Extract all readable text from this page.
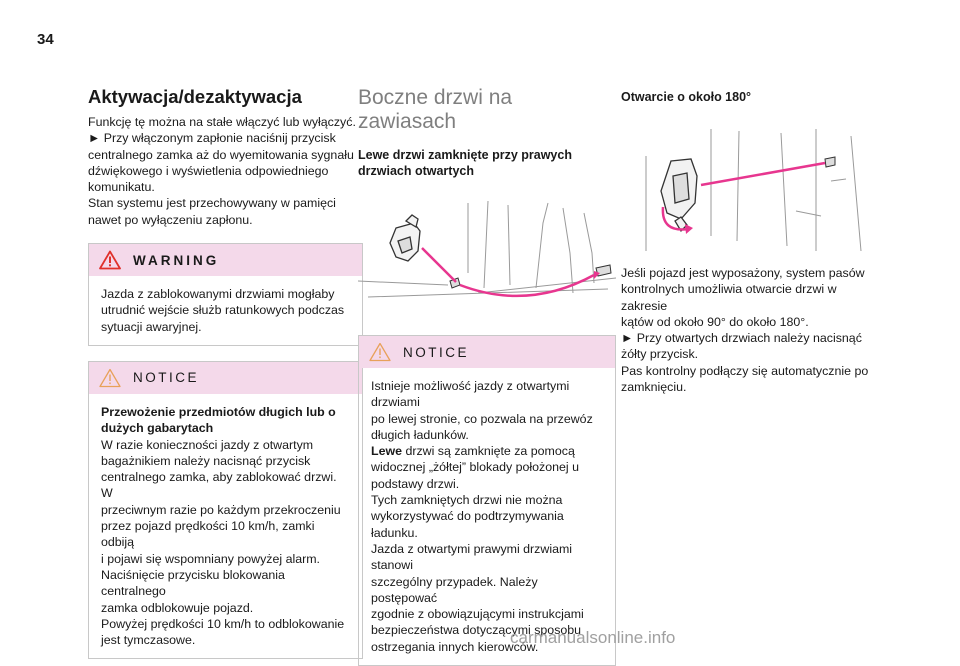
34
Aktywacja/dezaktywacja

Funkcję tę można na stałe włączyć lub wyłączyć.

► Przy włączonym zapłonie naciśnij przycisk

centralnego zamka aż do wyemitowania sygnału

dźwiękowego i wyświetlenia odpowiedniego

komunikatu.

Stan systemu jest przechowywany w pamięci

nawet po wyłączeniu zapłonu.

WARNING

Jazda z zablokowanymi drzwiami mogłaby

utrudnić wejście służb ratunkowych podczas

sytuacji awaryjnej.

NOTICE

Przewożenie przedmiotów długich lub o

dużych gabarytach

W razie konieczności jazdy z otwartym

bagażnikiem należy nacisnąć przycisk

centralnego zamka, aby zablokować drzwi. W

przeciwnym razie po każdym przekroczeniu

przez pojazd prędkości 10 km/h, zamki odbiją

i pojawi się wspomniany powyżej alarm.

Naciśnięcie przycisku blokowania centralnego

zamka odblokowuje pojazd.

Powyżej prędkości 10 km/h to odblokowanie

jest tymczasowe.

Boczne drzwi na
zawiasach
Lewe drzwi zamknięte przy prawych
drzwiach otwartych
NOTICE

Istnieje możliwość jazdy z otwartymi drzwiami

po lewej stronie, co pozwala na przewóz

długich ładunków.

Lewe drzwi są zamknięte za pomocą

widocznej „żółtej” blokady położonej u

podstawy drzwi.

Tych zamkniętych drzwi nie można

wykorzystywać do podtrzymywania ładunku.

Jazda z otwartymi prawymi drzwiami stanowi

szczególny przypadek. Należy postępować

zgodnie z obowiązującymi instrukcjami

bezpieczeństwa dotyczącymi sposobu

ostrzegania innych kierowców.

Otwarcie o około 180°

Jeśli pojazd jest wyposażony, system pasów

kontrolnych umożliwia otwarcie drzwi w zakresie

kątów od około 90° do około 180°.

► Przy otwartych drzwiach należy nacisnąć

żółty przycisk.

Pas kontrolny podłączy się automatycznie po

zamknięciu.

carmanualsonline.info
